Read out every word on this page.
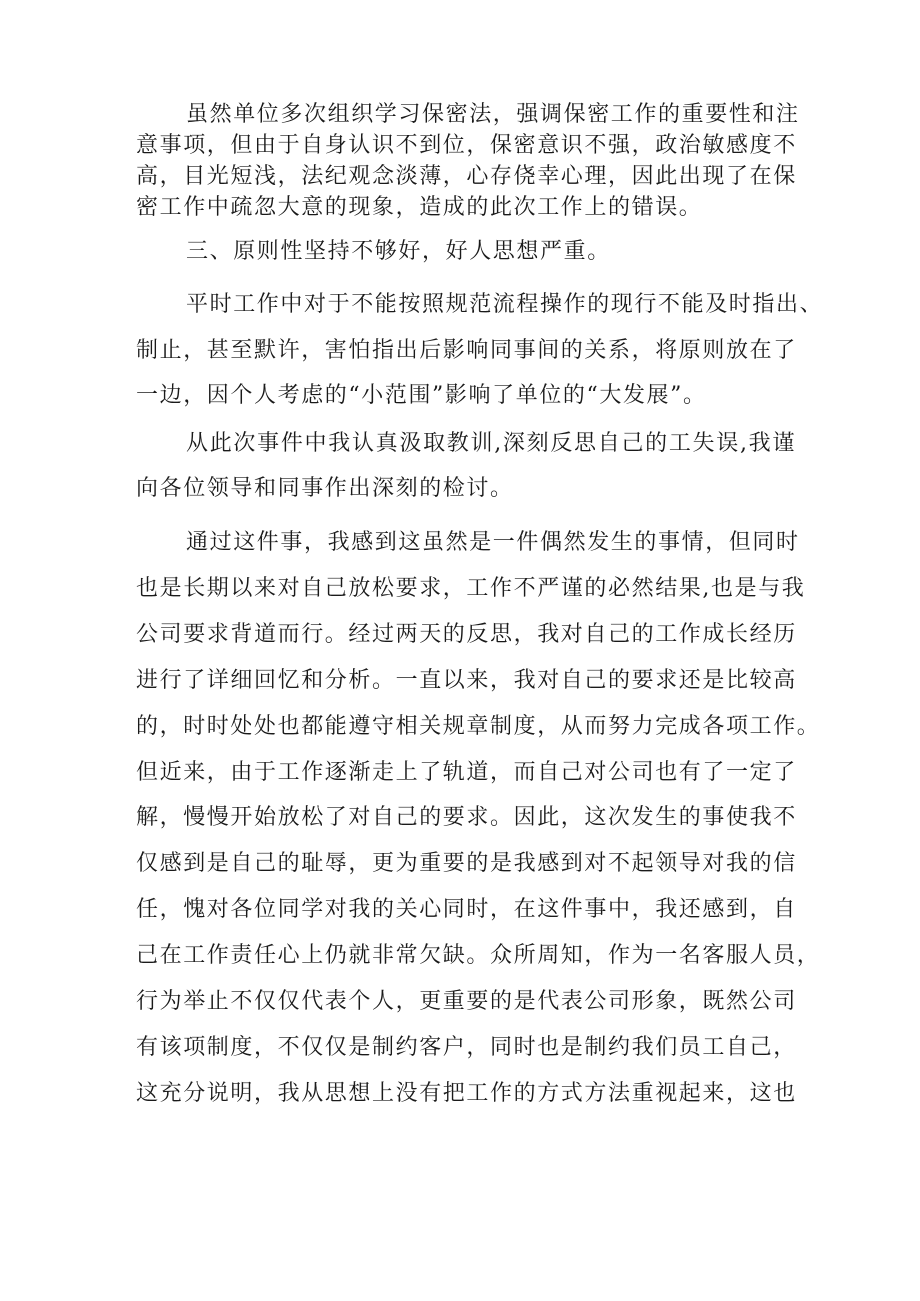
虽然单位多次组织学习保密法，强调保密工作的重要性和注
意事项，但由于自身认识不到位，保密意识不强，政治敏感度不
高，目光短浅，法纪观念淡薄，心存侥幸心理，因此出现了在保
密工作中疏忽大意的现象，造成的此次工作上的错误。
三、原则性坚持不够好，好人思想严重。
平时工作中对于不能按照规范流程操作的现行不能及时指出、
制止，甚至默许，害怕指出后影响同事间的关系，将原则放在了
一边，因个人考虑的“小范围”影响了单位的“大发展”。
从此次事件中我认真汲取教训,深刻反思自己的工失误,我谨
向各位领导和同事作出深刻的检讨。
通过这件事，我感到这虽然是一件偶然发生的事情，但同时
也是长期以来对自己放松要求，工作不严谨的必然结果,也是与我
公司要求背道而行。经过两天的反思，我对自己的工作成长经历
进行了详细回忆和分析。一直以来，我对自己的要求还是比较高
的，时时处处也都能遵守相关规章制度，从而努力完成各项工作。
但近来，由于工作逐渐走上了轨道，而自己对公司也有了一定了
解，慢慢开始放松了对自己的要求。因此，这次发生的事使我不
仅感到是自己的耻辱，更为重要的是我感到对不起领导对我的信
任，愧对各位同学对我的关心同时，在这件事中，我还感到，自
己在工作责任心上仍就非常欠缺。众所周知，作为一名客服人员，
行为举止不仅仅代表个人，更重要的是代表公司形象，既然公司
有该项制度，不仅仅是制约客户，同时也是制约我们员工自己，
这充分说明，我从思想上没有把工作的方式方法重视起来，这也
